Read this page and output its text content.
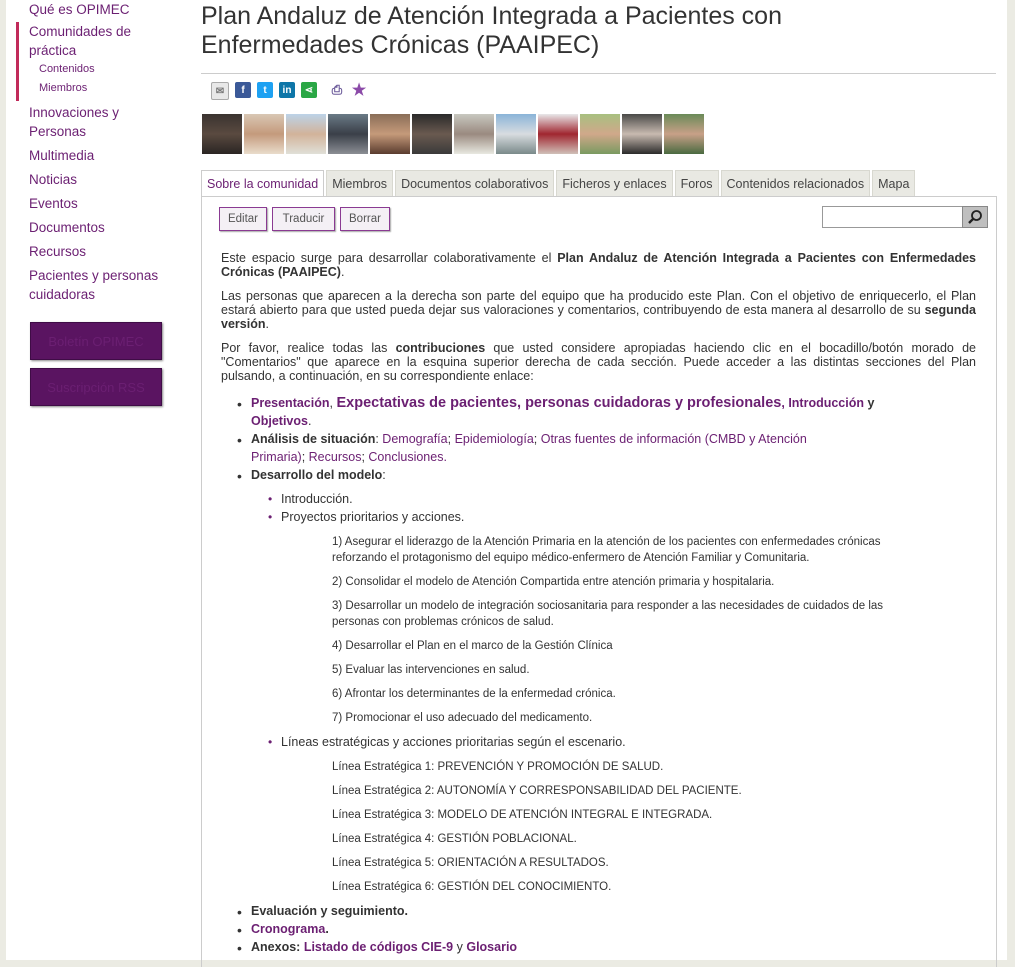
Qué es OPIMEC
Comunidades de práctica
Contenidos
Miembros
Innovaciones y Personas
Multimedia
Noticias
Eventos
Documentos
Recursos
Pacientes y personas cuidadoras
Boletín OPIMEC
Suscripción RSS
Plan Andaluz de Atención Integrada a Pacientes con Enfermedades Crónicas (PAAIPEC)
✉	f	t	in	⋖ ⎙ ★
Sobre la comunidad	Miembros	Documentos colaborativos	Ficheros y enlaces	Foros	Contenidos relacionados	Mapa
Editar	Traducir	Borrar
Este espacio surge para desarrollar colaborativamente el Plan Andaluz de Atención Integrada a Pacientes con Enfermedades Crónicas (PAAIPEC).
Las personas que aparecen a la derecha son parte del equipo que ha producido este Plan. Con el objetivo de enriquecerlo, el Plan estará abierto para que usted pueda dejar sus valoraciones y comentarios, contribuyendo de esta manera al desarrollo de su segunda versión.
Por favor, realice todas las contribuciones que usted considere apropiadas haciendo clic en el bocadillo/botón morado de "Comentarios" que aparece en la esquina superior derecha de cada sección. Puede acceder a las distintas secciones del Plan pulsando, a continuación, en su correspondiente enlace:
• Presentación, Expectativas de pacientes, personas cuidadoras y profesionales, Introducción y
Objetivos.
• Análisis de situación: Demografía; Epidemiología; Otras fuentes de información (CMBD y Atención
Primaria); Recursos; Conclusiones.
• Desarrollo del modelo:
• Introducción.
• Proyectos prioritarios y acciones.
1) Asegurar el liderazgo de la Atención Primaria en la atención de los pacientes con enfermedades crónicas
reforzando el protagonismo del equipo médico-enfermero de Atención Familiar y Comunitaria.
2) Consolidar el modelo de Atención Compartida entre atención primaria y hospitalaria.
3) Desarrollar un modelo de integración sociosanitaria para responder a las necesidades de cuidados de las
personas con problemas crónicos de salud.
4) Desarrollar el Plan en el marco de la Gestión Clínica
5) Evaluar las intervenciones en salud.
6) Afrontar los determinantes de la enfermedad crónica.
7) Promocionar el uso adecuado del medicamento.
• Líneas estratégicas y acciones prioritarias según el escenario.
Línea Estratégica 1: PREVENCIÓN Y PROMOCIÓN DE SALUD.
Línea Estratégica 2: AUTONOMÍA Y CORRESPONSABILIDAD DEL PACIENTE.
Línea Estratégica 3: MODELO DE ATENCIÓN INTEGRAL E INTEGRADA.
Línea Estratégica 4: GESTIÓN POBLACIONAL.
Línea Estratégica 5: ORIENTACIÓN A RESULTADOS.
Línea Estratégica 6: GESTIÓN DEL CONOCIMIENTO.
• Evaluación y seguimiento.
• Cronograma.
• Anexos: Listado de códigos CIE-9 y Glosario
